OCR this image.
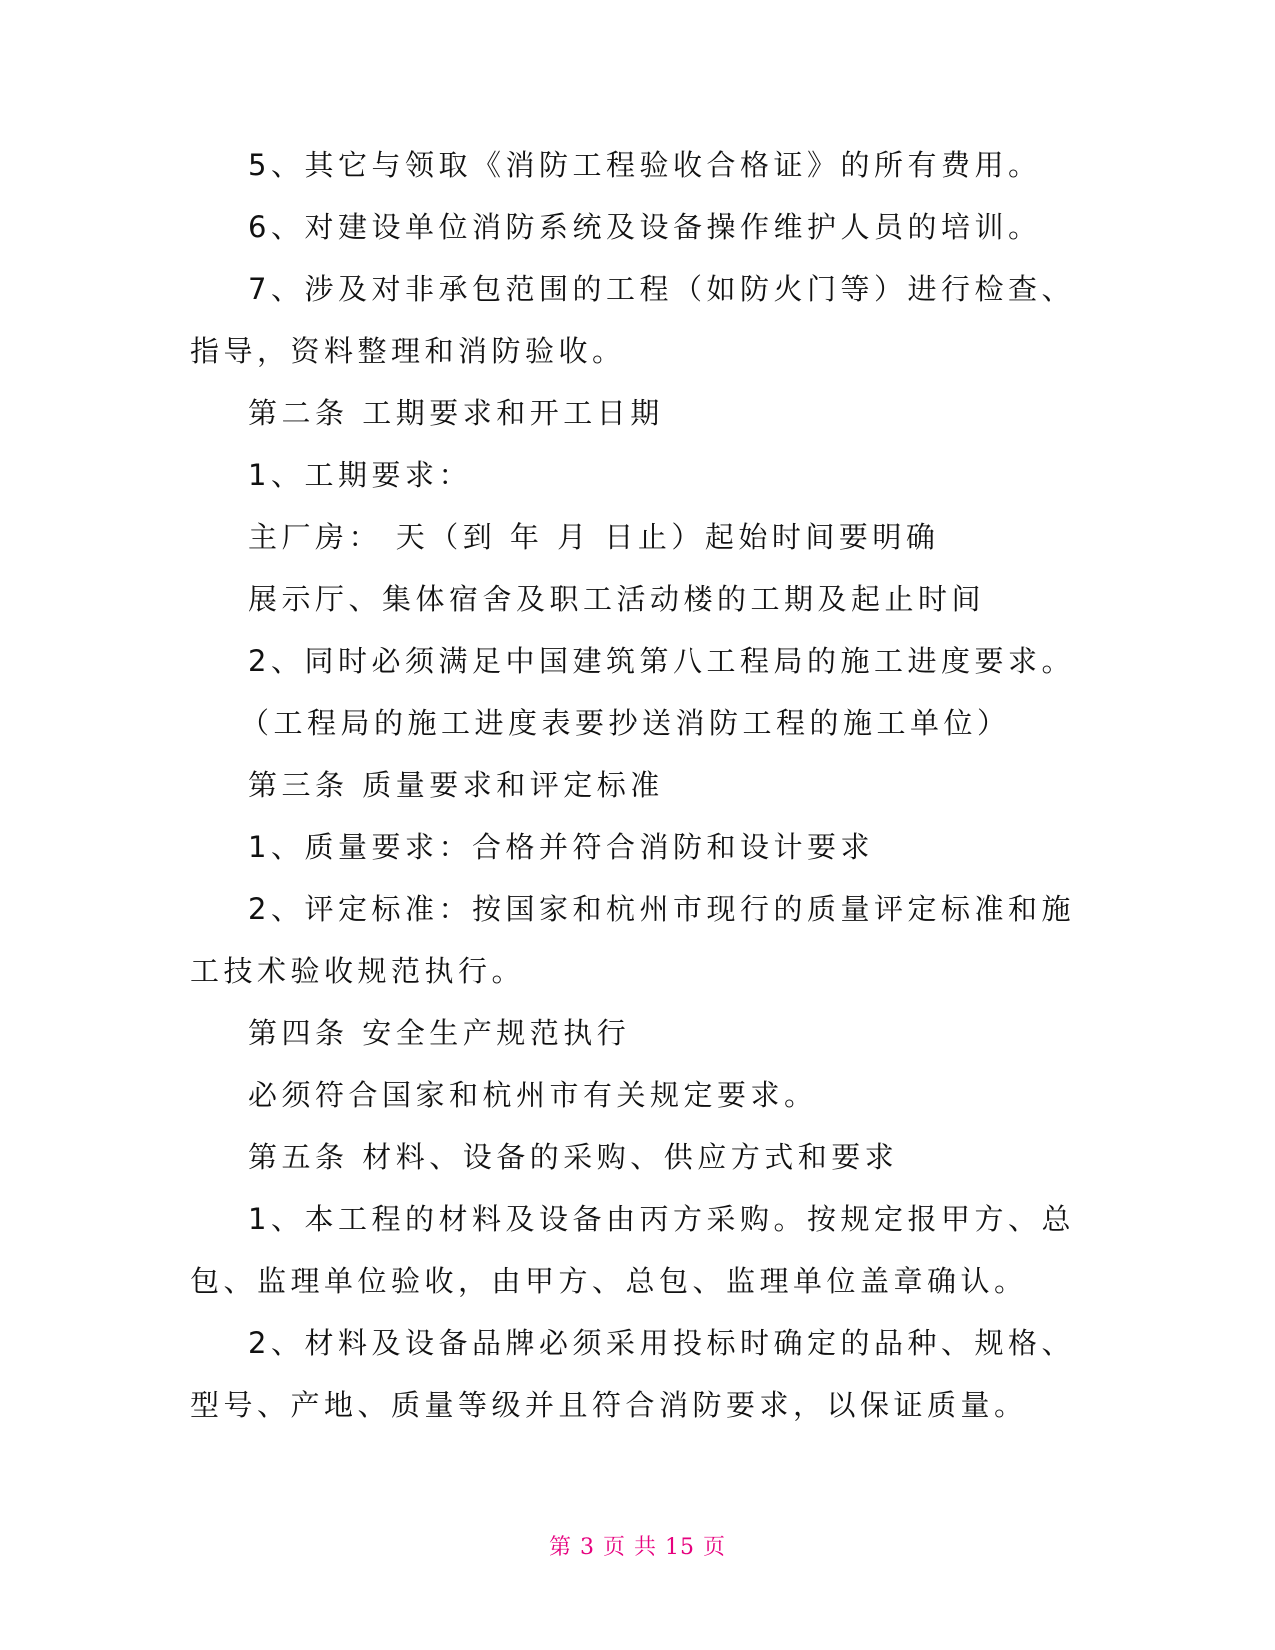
5、其它与领取《消防工程验收合格证》的所有费用。
6、对建设单位消防系统及设备操作维护人员的培训。
7、涉及对非承包范围的工程（如防火门等）进行检查、
指导，资料整理和消防验收。
第二条 工期要求和开工日期
1、工期要求：
主厂房： 天（到 年 月 日止）起始时间要明确
展示厅、集体宿舍及职工活动楼的工期及起止时间
2、同时必须满足中国建筑第八工程局的施工进度要求。
（工程局的施工进度表要抄送消防工程的施工单位）
第三条 质量要求和评定标准
1、质量要求：合格并符合消防和设计要求
2、评定标准：按国家和杭州市现行的质量评定标准和施
工技术验收规范执行。
第四条 安全生产规范执行
必须符合国家和杭州市有关规定要求。
第五条 材料、设备的采购、供应方式和要求
1、本工程的材料及设备由丙方采购。按规定报甲方、总
包、监理单位验收，由甲方、总包、监理单位盖章确认。
2、材料及设备品牌必须采用投标时确定的品种、规格、
型号、产地、质量等级并且符合消防要求，以保证质量。
第 3 页 共 15 页
